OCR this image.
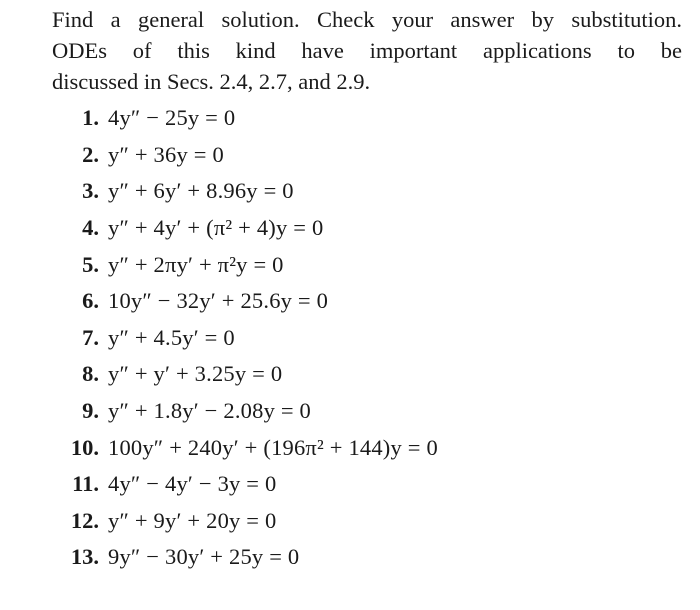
Find a general solution. Check your answer by substitution.
ODEs of this kind have important applications to be
discussed in Secs. 2.4, 2.7, and 2.9.

1. 4y″ − 25y = 0
2. y″ + 36y = 0
3. y″ + 6y′ + 8.96y = 0
4. y″ + 4y′ + (π² + 4)y = 0
5. y″ + 2πy′ + π²y = 0
6. 10y″ − 32y′ + 25.6y = 0
7. y″ + 4.5y′ = 0
8. y″ + y′ + 3.25y = 0
9. y″ + 1.8y′ − 2.08y = 0
10. 100y″ + 240y′ + (196π² + 144)y = 0
11. 4y″ − 4y′ − 3y = 0
12. y″ + 9y′ + 20y = 0
13. 9y″ − 30y′ + 25y = 0
